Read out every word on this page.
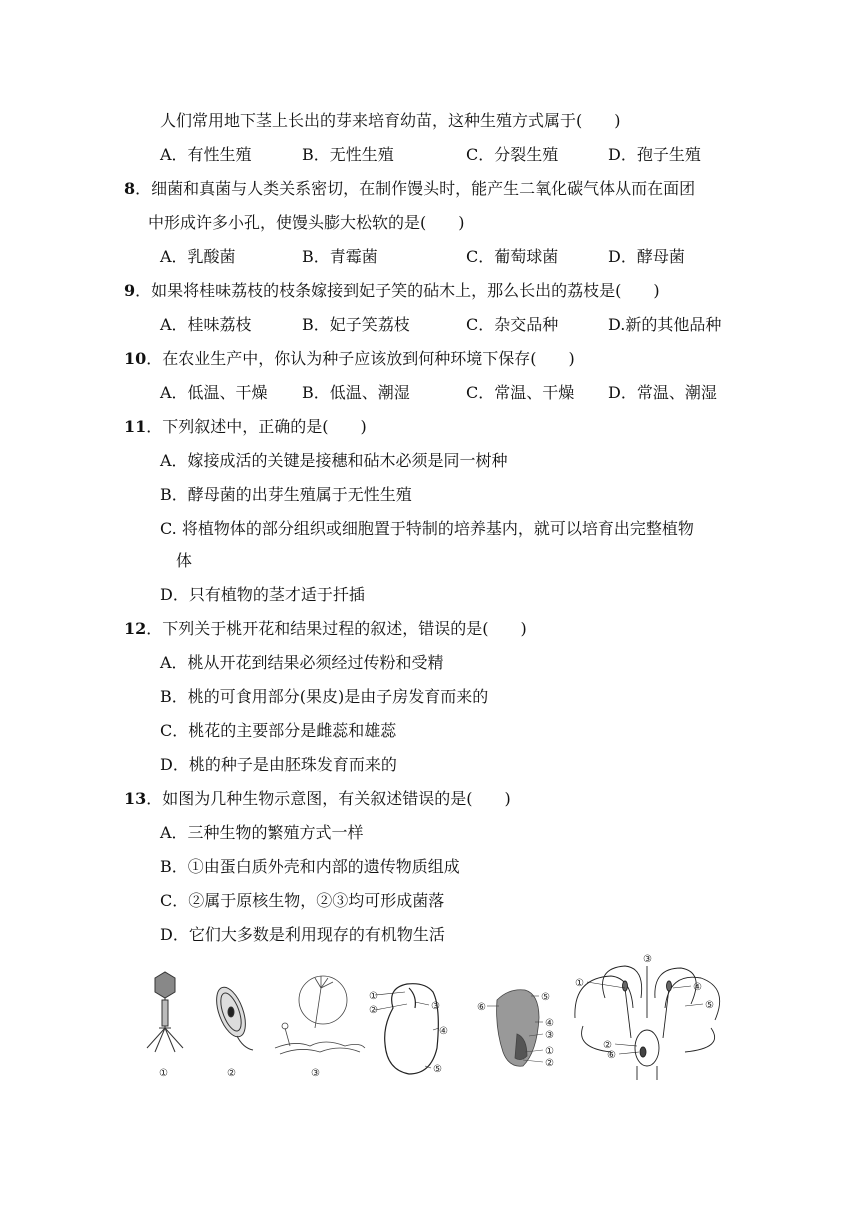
人们常用地下茎上长出的芽来培育幼苗，这种生殖方式属于(　　)
A．有性生殖	B．无性生殖	C．分裂生殖	D．孢子生殖
8．细菌和真菌与人类关系密切，在制作馒头时，能产生二氧化碳气体从而在面团
中形成许多小孔，使馒头膨大松软的是(　　)
A．乳酸菌	B．青霉菌	C．葡萄球菌	D．酵母菌
9．如果将桂味荔枝的枝条嫁接到妃子笑的砧木上，那么长出的荔枝是(　　)
A．桂味荔枝	B．妃子笑荔枝	C．杂交品种	D.新的其他品种
10．在农业生产中，你认为种子应该放到何种环境下保存(　　)
A．低温、干燥 B．低温、潮湿	C．常温、干燥 D．常温、潮湿
11．下列叙述中，正确的是(　　)
A．嫁接成活的关键是接穗和砧木必须是同一树种
B．酵母菌的出芽生殖属于无性生殖
C. 将植物体的部分组织或细胞置于特制的培养基内，就可以培育出完整植物
体
D．只有植物的茎才适于扦插
12．下列关于桃开花和结果过程的叙述，错误的是(　　)
A．桃从开花到结果必须经过传粉和受精
B．桃的可食用部分(果皮)是由子房发育而来的
C．桃花的主要部分是雌蕊和雄蕊
D．桃的种子是由胚珠发育而来的
13．如图为几种生物示意图，有关叙述错误的是(　　)
A．三种生物的繁殖方式一样
B．①由蛋白质外壳和内部的遗传物质组成
C．②属于原核生物，②③均可形成菌落
D．它们大多数是利用现存的有机物生活
①	②	③
①
②	③
④
⑤
⑥
⑤
④
③
①
②
③
①	④
⑤
②
⑥
